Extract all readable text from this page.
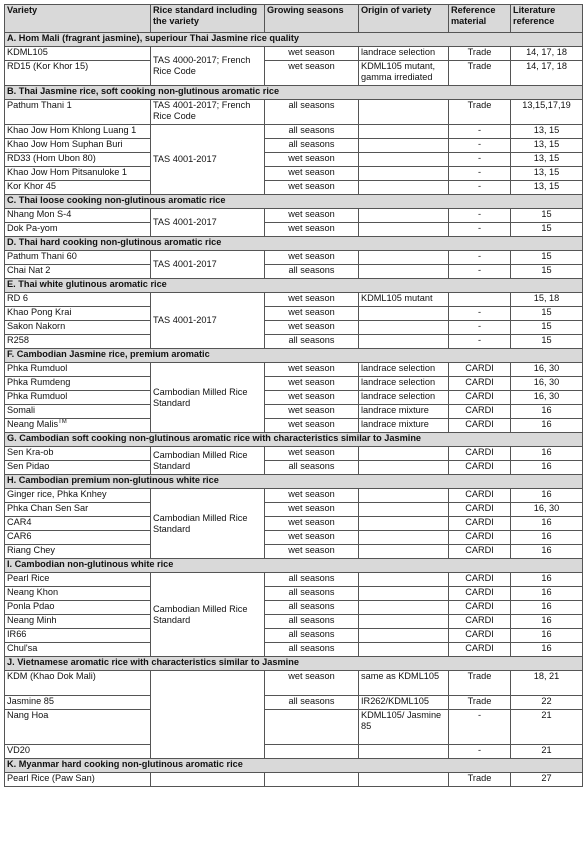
Variety	Rice standard including the variety	Growing seasons	Origin of variety	Reference material	Literature reference
A. Hom Mali (fragrant jasmine), superiour Thai Jasmine rice quality					
KDML105	TAS 4000-2017; French Rice Code	wet season	landrace selection	Trade	14, 17, 18
RD15 (Kor Khor 15)		wet season	KDML105 mutant, gamma irrediated	Trade	14, 17, 18
B. Thai Jasmine rice, soft cooking non-glutinous aromatic rice					
Pathum Thani 1	TAS 4001-2017; French Rice Code	all seasons		Trade	13,15,17,19
Khao Jow Hom Khlong Luang 1	TAS 4001-2017	all seasons		-	13, 15
Khao Jow Hom Suphan Buri		all seasons		-	13, 15
RD33 (Hom Ubon 80)		wet season		-	13, 15
Khao Jow Hom Pitsanuloke 1		wet season		-	13, 15
Kor Khor 45		wet season		-	13, 15
C. Thai loose cooking non-glutinous aromatic rice					
Nhang Mon S-4	TAS 4001-2017	wet season		-	15
Dok Pa-yom		wet season		-	15
D. Thai hard cooking non-glutinous aromatic rice					
Pathum Thani 60	TAS 4001-2017	wet season		-	15
Chai Nat 2		all seasons		-	15
E. Thai white glutinous aromatic rice					
RD 6	TAS 4001-2017	wet season	KDML105 mutant		15, 18
Khao Pong Krai		wet season		-	15
Sakon Nakorn		wet season		-	15
R258		all seasons		-	15
F. Cambodian Jasmine rice, premium aromatic					
Phka Rumduol	Cambodian Milled Rice Standard	wet season	landrace selection	CARDI	16, 30
Phka Rumdeng		wet season	landrace selection	CARDI	16, 30
Phka Rumduol		wet season	landrace selection	CARDI	16, 30
Somali		wet season	landrace mixture	CARDI	16
Neang Malis™		wet season	landrace mixture	CARDI	16
G. Cambodian soft cooking non-glutinous aromatic rice with characteristics similar to Jasmine					
Sen Kra-ob	Cambodian Milled Rice Standard	wet season		CARDI	16
Sen Pidao		all seasons		CARDI	16
H. Cambodian premium non-glutinous white rice					
Ginger rice, Phka Knhey	Cambodian Milled Rice Standard	wet season		CARDI	16
Phka Chan Sen Sar		wet season		CARDI	16, 30
CAR4		wet season		CARDI	16
CAR6		wet season		CARDI	16
Riang Chey		wet season		CARDI	16
I. Cambodian non-glutinous white rice					
Pearl Rice	Cambodian Milled Rice Standard	all seasons		CARDI	16
Neang Khon		all seasons		CARDI	16
Ponla Pdao		all seasons		CARDI	16
Neang Minh		all seasons		CARDI	16
IR66		all seasons		CARDI	16
Chul'sa		all seasons		CARDI	16
J. Vietnamese aromatic rice with characteristics similar to Jasmine					
KDM (Khao Dok Mali)		wet season	same as KDML105	Trade	18, 21
Jasmine 85		all seasons	IR262/KDML105	Trade	22
Nang Hoa			KDML105/ Jasmine 85	-	21
VD20				-	21
K. Myanmar hard cooking non-glutinous aromatic rice					
Pearl Rice (Paw San)				Trade	27
